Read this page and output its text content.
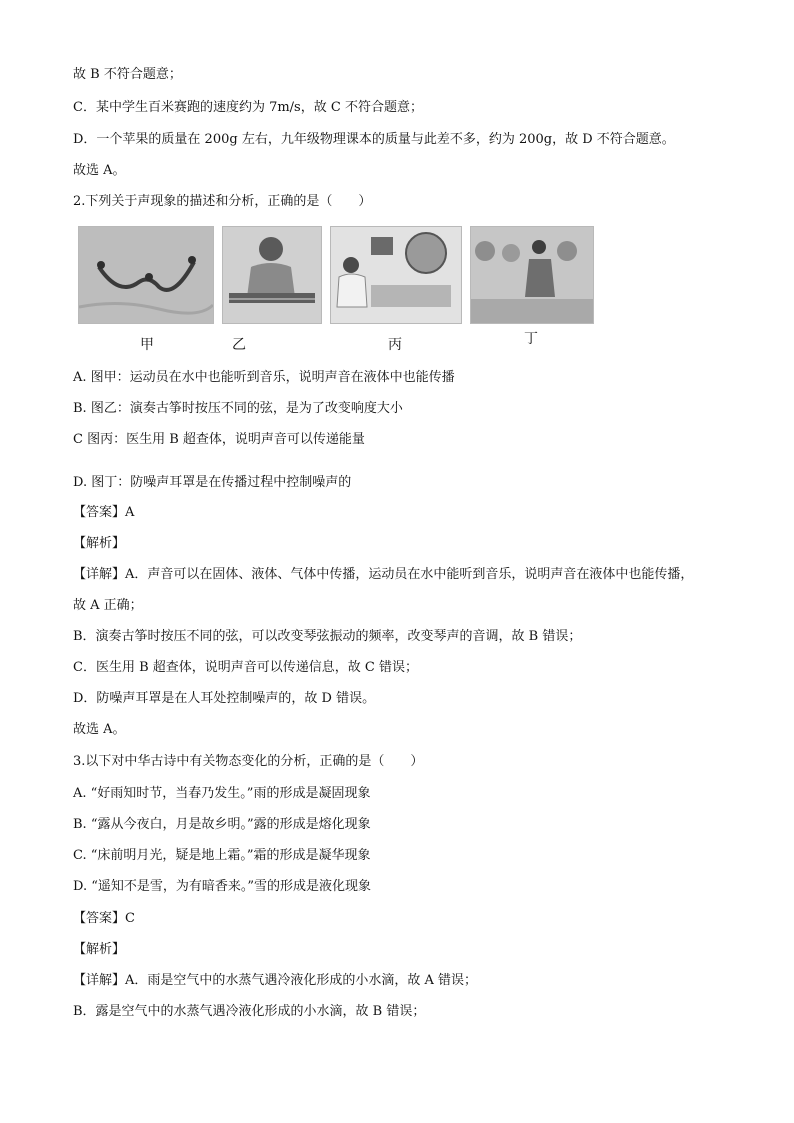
故 B 不符合题意；
C．某中学生百米赛跑的速度约为 7m/s，故 C 不符合题意；
D．一个苹果的质量在 200g 左右，九年级物理课本的质量与此差不多，约为 200g，故 D 不符合题意。
故选 A。
2.下列关于声现象的描述和分析，正确的是（　　）
甲	乙	丙	丁
A. 图甲：运动员在水中也能听到音乐，说明声音在液体中也能传播
B. 图乙：演奏古筝时按压不同的弦，是为了改变响度大小
C 图丙：医生用 B 超查体，说明声音可以传递能量
D. 图丁：防噪声耳罩是在传播过程中控制噪声的
【答案】A
【解析】
【详解】A．声音可以在固体、液体、气体中传播，运动员在水中能听到音乐，说明声音在液体中也能传播，
故 A 正确；
B．演奏古筝时按压不同的弦，可以改变琴弦振动的频率，改变琴声的音调，故 B 错误；
C．医生用 B 超查体，说明声音可以传递信息，故 C 错误；
D．防噪声耳罩是在人耳处控制噪声的，故 D 错误。
故选 A。
3.以下对中华古诗中有关物态变化的分析，正确的是（　　）
A. “好雨知时节，当春乃发生。”雨的形成是凝固现象
B. “露从今夜白，月是故乡明。”露的形成是熔化现象
C. “床前明月光，疑是地上霜。”霜的形成是凝华现象
D. “遥知不是雪，为有暗香来。”雪的形成是液化现象
【答案】C
【解析】
【详解】A．雨是空气中的水蒸气遇冷液化形成的小水滴，故 A 错误；
B．露是空气中的水蒸气遇冷液化形成的小水滴，故 B 错误；
